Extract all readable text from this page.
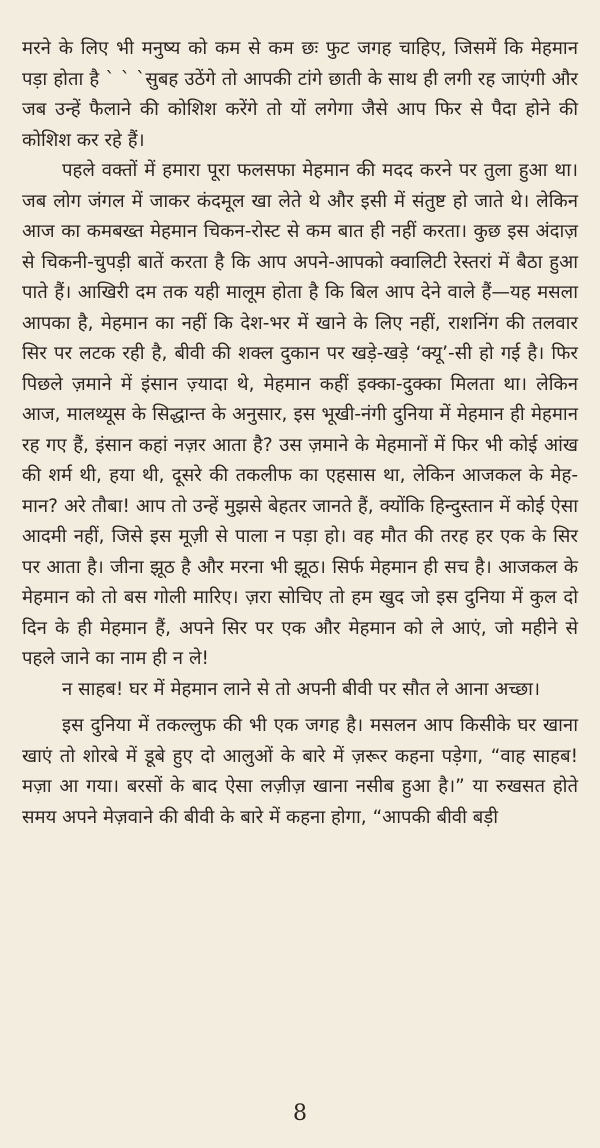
मरने के लिए भी मनुष्य को कम से कम छः फुट जगह चाहिए, जिसमें कि मेहमान पड़ा होता है ` ` `सुबह उठेंगे तो आपकी टांगे छाती के साथ ही लगी रह जाएंगी और जब उन्हें फैलाने की कोशिश करेंगे तो यों लगेगा जैसे आप फिर से पैदा होने की कोशिश कर रहे हैं।

पहले वक्तों में हमारा पूरा फलसफा मेहमान की मदद करने पर तुला हुआ था। जब लोग जंगल में जाकर कंदमूल खा लेते थे और इसी में संतुष्ट हो जाते थे। लेकिन आज का कमबख्त मेहमान चिकन-रोस्ट से कम बात ही नहीं करता। कुछ इस अंदाज़ से चिकनी-चुपड़ी बातें करता है कि आप अपने-आपको क्वालिटी रेस्तरां में बैठा हुआ पाते हैं। आखिरी दम तक यही मालूम होता है कि बिल आप देने वाले हैं—यह मसला आपका है, मेहमान का नहीं कि देश-भर में खाने के लिए नहीं, राशनिंग की तलवार सिर पर लटक रही है, बीवी की शक्ल दुकान पर खड़े-खड़े ‘क्यू’-सी हो गई है। फिर पिछले ज़माने में इंसान ज़्यादा थे, मेहमान कहीं इक्का-दुक्का मिलता था। लेकिन आज, मालथ्यूस के सिद्धान्त के अनुसार, इस भूखी-नंगी दुनिया में मेहमान ही मेहमान रह गए हैं, इंसान कहां नज़र आता है? उस ज़माने के मेहमानों में फिर भी कोई आंख की शर्म थी, हया थी, दूसरे की तकलीफ का एहसास था, लेकिन आजकल के मेह-मान? अरे तौबा! आप तो उन्हें मुझसे बेहतर जानते हैं, क्योंकि हिन्दुस्तान में कोई ऐसा आदमी नहीं, जिसे इस मूज़ी से पाला न पड़ा हो। वह मौत की तरह हर एक के सिर पर आता है। जीना झूठ है और मरना भी झूठ। सिर्फ मेहमान ही सच है। आजकल के मेहमान को तो बस गोली मारिए। ज़रा सोचिए तो हम खुद जो इस दुनिया में कुल दो दिन के ही मेहमान हैं, अपने सिर पर एक और मेहमान को ले आएं, जो महीने से पहले जाने का नाम ही न ले!

न साहब! घर में मेहमान लाने से तो अपनी बीवी पर सौत ले आना अच्छा।

इस दुनिया में तकल्लुफ की भी एक जगह है। मसलन आप किसीके घर खाना खाएं तो शोरबे में डूबे हुए दो आलुओं के बारे में ज़रूर कहना पड़ेगा, “वाह साहब! मज़ा आ गया। बरसों के बाद ऐसा लज़ीज़ खाना नसीब हुआ है।” या रुखसत होते समय अपने मेज़वाने की बीवी के बारे में कहना होगा, “आपकी बीवी बड़ी

8
